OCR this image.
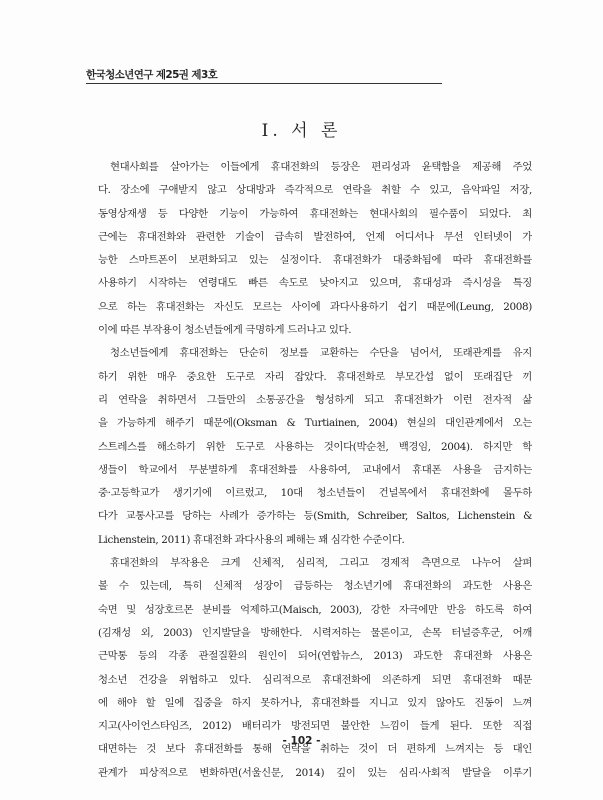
한국청소년연구 제25권 제3호
Ⅰ. 서 론
현대사회를 살아가는 이들에게 휴대전화의 등장은 편리성과 윤택함을 제공해 주었
다. 장소에 구애받지 않고 상대방과 즉각적으로 연락을 취할 수 있고, 음악파일 저장,
동영상재생 등 다양한 기능이 가능하여 휴대전화는 현대사회의 필수품이 되었다. 최
근에는 휴대전화와 관련한 기술이 급속히 발전하여, 언제 어디서나 무선 인터넷이 가
능한 스마트폰이 보편화되고 있는 실정이다. 휴대전화가 대중화됨에 따라 휴대전화를
사용하기 시작하는 연령대도 빠른 속도로 낮아지고 있으며, 휴대성과 즉시성을 특징
으로 하는 휴대전화는 자신도 모르는 사이에 과다사용하기 쉽기 때문에(Leung, 2008)
이에 따른 부작용이 청소년들에게 극명하게 드러나고 있다.
청소년들에게 휴대전화는 단순히 정보를 교환하는 수단을 넘어서, 또래관계를 유지
하기 위한 매우 중요한 도구로 자리 잡았다. 휴대전화로 부모간섭 없이 또래집단 끼
리 연락을 취하면서 그들만의 소통공간을 형성하게 되고 휴대전화가 이런 전자적 삶
을 가능하게 해주기 때문에(Oksman & Turtiainen, 2004) 현실의 대인관계에서 오는
스트레스를 해소하기 위한 도구로 사용하는 것이다(박순천, 백경임, 2004). 하지만 학
생들이 학교에서 무분별하게 휴대전화를 사용하여, 교내에서 휴대폰 사용을 금지하는
중·고등학교가 생기기에 이르렀고, 10대 청소년들이 건널목에서 휴대전화에 몰두하
다가 교통사고를 당하는 사례가 증가하는 등(Smith, Schreiber, Saltos, Lichenstein &
Lichenstein, 2011) 휴대전화 과다사용의 폐해는 꽤 심각한 수준이다.
휴대전화의 부작용은 크게 신체적, 심리적, 그리고 경제적 측면으로 나누어 살펴
볼 수 있는데, 특히 신체적 성장이 급등하는 청소년기에 휴대전화의 과도한 사용은
숙면 및 성장호르몬 분비를 억제하고(Maisch, 2003), 강한 자극에만 반응 하도록 하여
(김재성 외, 2003) 인지발달을 방해한다. 시력저하는 물론이고, 손목 터널증후군, 어깨
근막통 등의 각종 관절질환의 원인이 되어(연합뉴스, 2013) 과도한 휴대전화 사용은
청소년 건강을 위협하고 있다. 심리적으로 휴대전화에 의존하게 되면 휴대전화 때문
에 해야 할 일에 집중을 하지 못하거나, 휴대전화를 지니고 있지 않아도 진동이 느껴
지고(사이언스타임즈, 2012) 배터리가 방전되면 불안한 느낌이 들게 된다. 또한 직접
대면하는 것 보다 휴대전화를 통해 연락을 취하는 것이 더 편하게 느껴지는 등 대인
관계가 피상적으로 변화하면(서울신문, 2014) 깊이 있는 심리·사회적 발달을 이루기
- 102 -
